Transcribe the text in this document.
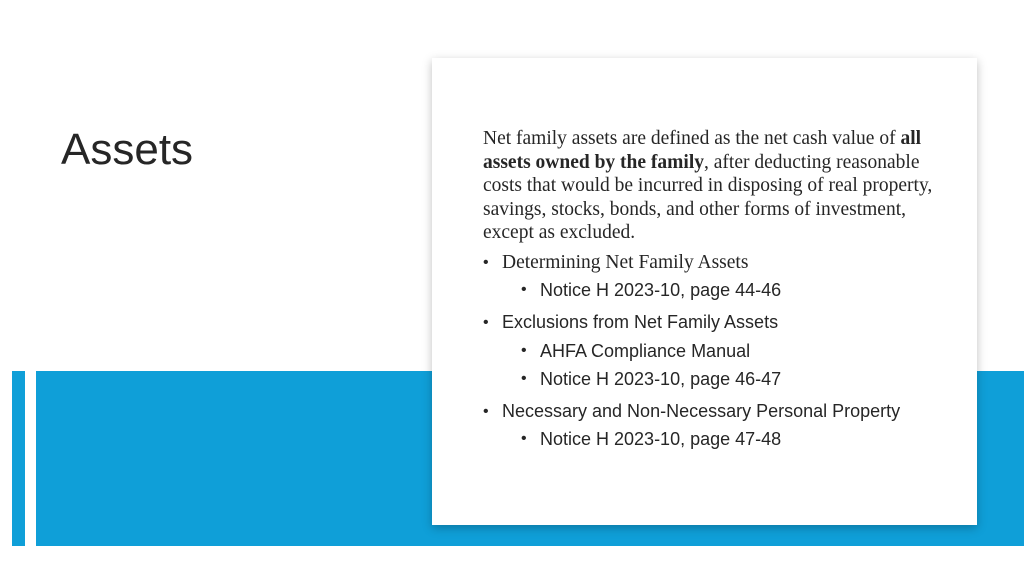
Assets	Net family assets are defined as the net cash value of all assets owned by the family, after deducting reasonable costs that would be incurred in disposing of real property, savings, stocks, bonds, and other forms of investment, except as excluded.

• Determining Net Family Assets
• Notice H 2023-10, page 44-46
• Exclusions from Net Family Assets
• AHFA Compliance Manual
• Notice H 2023-10, page 46-47
• Necessary and Non-Necessary Personal Property
• Notice H 2023-10, page 47-48
